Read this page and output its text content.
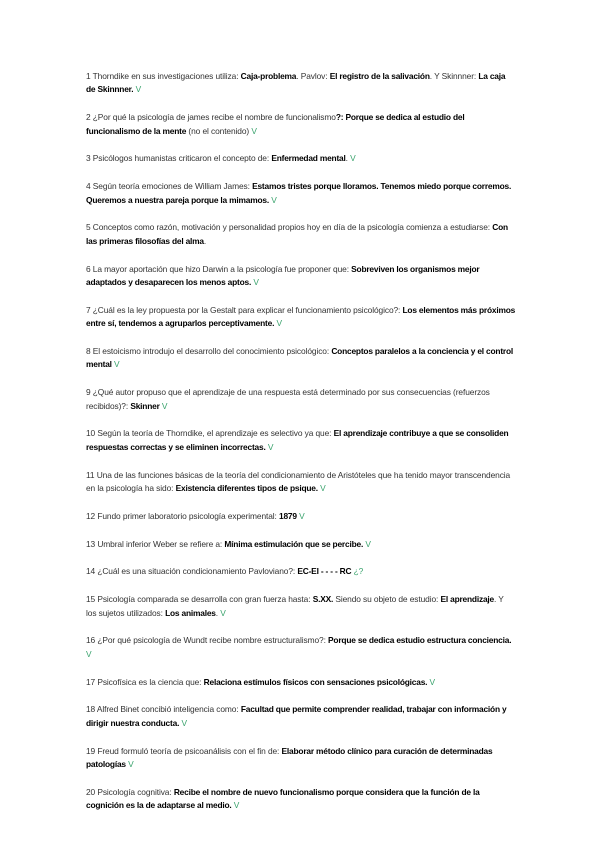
1 Thorndike en sus investigaciones utiliza: Caja-problema. Pavlov: El registro de la salivación. Y Skinnner: La caja de Skinnner. V

2 ¿Por qué la psicología de james recibe el nombre de funcionalismo?: Porque se dedica al estudio del funcionalismo de la mente (no el contenido) V

3 Psicólogos humanistas criticaron el concepto de: Enfermedad mental. V

4 Según teoría emociones de William James: Estamos tristes porque lloramos. Tenemos miedo porque corremos. Queremos a nuestra pareja porque la mimamos. V

5 Conceptos como razón, motivación y personalidad propios hoy en día de la psicología comienza a estudiarse: Con las primeras filosofías del alma.

6 La mayor aportación que hizo Darwin a la psicología fue proponer que: Sobreviven los organismos mejor adaptados y desaparecen los menos aptos. V

7 ¿Cuál es la ley propuesta por la Gestalt para explicar el funcionamiento psicológico?: Los elementos más próximos entre sí, tendemos a agruparlos perceptivamente. V

8 El estoicismo introdujo el desarrollo del conocimiento psicológico: Conceptos paralelos a la conciencia y el control mental V

9 ¿Qué autor propuso que el aprendizaje de una respuesta está determinado por sus consecuencias (refuerzos recibidos)?: Skinner V

10 Según la teoría de Thorndike, el aprendizaje es selectivo ya que: El aprendizaje contribuye a que se consoliden respuestas correctas y se eliminen incorrectas. V

11 Una de las funciones básicas de la teoría del condicionamiento de Aristóteles que ha tenido mayor transcendencia en la psicología ha sido: Existencia diferentes tipos de psique. V

12 Fundo primer laboratorio psicología experimental: 1879 V

13 Umbral inferior Weber se refiere a: Mínima estimulación que se percibe. V

14 ¿Cuál es una situación condicionamiento Pavloviano?: EC-EI - - - - RC ¿?

15 Psicología comparada se desarrolla con gran fuerza hasta: S.XX. Siendo su objeto de estudio: El aprendizaje. Y los sujetos utilizados: Los animales. V

16 ¿Por qué psicología de Wundt recibe nombre estructuralismo?: Porque se dedica estudio estructura conciencia. V

17 Psicofísica es la ciencia que: Relaciona estímulos físicos con sensaciones psicológicas. V

18 Alfred Binet concibió inteligencia como: Facultad que permite comprender realidad, trabajar con información y dirigir nuestra conducta. V

19 Freud formuló teoría de psicoanálisis con el fin de: Elaborar método clínico para curación de determinadas patologías V

20 Psicología cognitiva: Recibe el nombre de nuevo funcionalismo porque considera que la función de la cognición es la de adaptarse al medio. V
